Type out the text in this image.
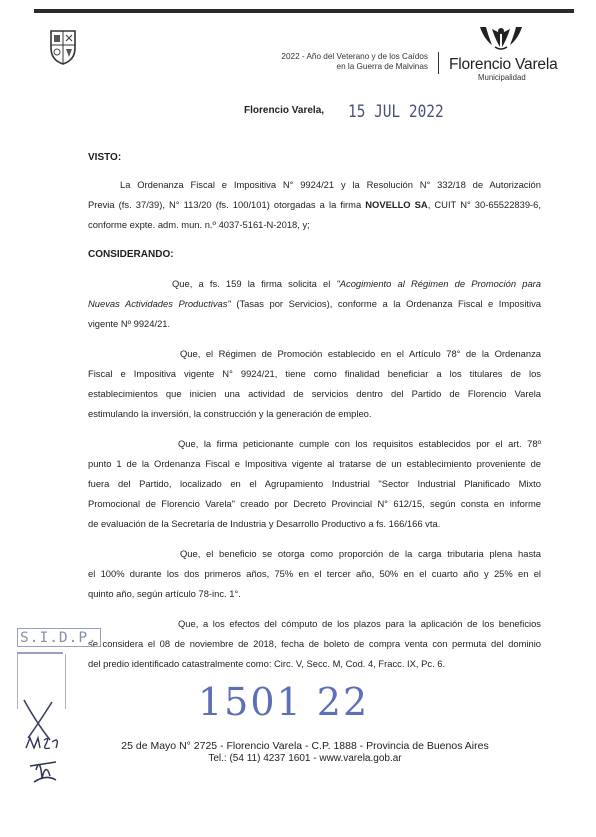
2022 - Año del Veterano y de los Caídos
en la Guerra de Malvinas Florencio Varela
Municipalidad
Florencio Varela, 15 JUL 2022
VISTO:
La Ordenanza Fiscal e Impositiva N° 9924/21 y la Resolución N° 332/18 de Autorización
Previa (fs. 37/39), N° 113/20 (fs. 100/101) otorgadas a la firma NOVELLO SA, CUIT N° 30-65522839-6,
conforme expte. adm. mun. n.º 4037-5161-N-2018, y;
CONSIDERANDO:
Que, a fs. 159 la firma solicita el "Acogimiento al Régimen de Promoción para
Nuevas Actividades Productivas" (Tasas por Servicios), conforme a la Ordenanza Fiscal e Impositiva
vigente Nº 9924/21.
Que, el Régimen de Promoción establecido en el Artículo 78° de la Ordenanza
Fiscal e Impositiva vigente N° 9924/21, tiene como finalidad beneficiar a los titulares de los
establecimientos que inicien una actividad de servicios dentro del Partido de Florencio Varela
estimulando la inversión, la construcción y la generación de empleo.
Que, la firma peticionante cumple con los requisitos establecidos por el art. 78º
punto 1 de la Ordenanza Fiscal e Impositiva vigente al tratarse de un establecimiento proveniente de
fuera del Partido, localizado en el Agrupamiento Industrial "Sector Industrial Planificado Mixto
Promocional de Florencio Varela" creado por Decreto Provincial N° 612/15, según consta en informe
de evaluación de la Secretaría de Industria y Desarrollo Productivo a fs. 166/166 vta.
Que, el beneficio se otorga como proporción de la carga tributaria plena hasta
el 100% durante los dos primeros años, 75% en el tercer año, 50% en el cuarto año y 25% en el
quinto año, según artículo 78-inc. 1°.
Que, a los efectos del cómputo de los plazos para la aplicación de los beneficios
se considera el 08 de noviembre de 2018, fecha de boleto de compra venta con permuta del dominio
del predio identificado catastralmente como: Circ. V, Secc. M, Cod. 4, Fracc. IX, Pc. 6.
S.I.D.P.
1501 22
25 de Mayo N° 2725 - Florencio Varela - C.P. 1888 - Provincia de Buenos Aires
Tel.: (54 11) 4237 1601 - www.varela.gob.ar
